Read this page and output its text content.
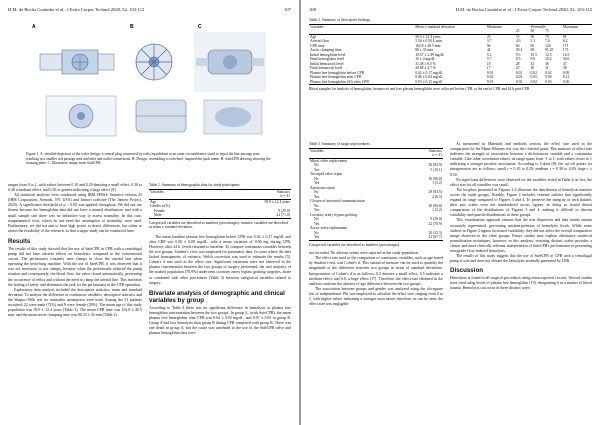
H.M. da Rocha Coutinho et al.: J Extra Corpor Technol 2020, 52, 103-112	107
A	B	C
Figure 1. A: detailed depiction of the valve design; a central plug connected by rods (equidistant to an outer circumference sized to equal the line passage area, resulting in a smaller rod passage area and inlet and outlet connections. B: Design, resembling a cartwheel, inspired the puck name. B: SafeCPB drawing showing the housing plate. C: Illustrative image from SafeCPB.

ranges from 0 to 1, with values between 0.10 and 0.29 denoting a small effect, 0.30 to 0.49 a medium effect, and 0.50 or greater indicating a large effect [8].

All statistical analyses were conducted using IBM SPSS® Statistics version 25 (IBM Corporation, Armonk, NY, USA) and Jamovi software (The Jamovi Project, 2023). A significance threshold of p < 0.05 was applied throughout. We did not use fitness because the hemoglobin data did not have a normal distribution; and with a small sample size there was no definitive way to assess normality. In this case, nonparametric tests, which do not need the assumption of normality, were used. Furthermore, we did not aim to have high power to detect differences, but rather to assess the feasibility of the research, so that a larger study can be conducted later.

Results

The results of this study showed that the use of SafeCPB in CPB with a centrifugal pump did not have adverse effects on hemolysis, compared to the conventional circuit. The perfusionist routinely uses clamps to close the arterial line when operating the heart-lung machine. With the use of SafeCPB, it was observed that it was not necessary to use clamps, because when the perfusionist reduced the pump rotation and consequently, the blood flow, the valve closed automatically, preventing the occurrence of reflux and without the need to clamp the arterial line. This increases the feeling of safety and eliminates the task for the perfusionist in the CPB operation.

Exploratory data analysis included the descriptive statistics: mean and standard deviation. To analyze the difference in continuous variables, descriptive statistics and the Shapiro-Wilk test for normality assumption were used. Among the 31 patients recruited, 22 were male (71%) and 9 were female (29%). The mean age of this study population was 59.9 ± 12.4 years (Table 1). The mean CPB time was 102.8 ± 40.5 min, and the mean aortic clamping time was 80.33 ± 33 min (Table 2).

Table 1. Summary of demographic data for study participants.
Variables	Statistics
	n = 31
Age	59.9 ± 12.4 years
Gender n (%)	
Female	9 (29.0)
Male	22 (71.0)

Categorical variables are described as numbers (percentages); numeric variables are described as mean ± standard deviation.

The mean baseline plasma free hemoglobin before CPB was 0.02 ± 0.17 mg/dL and after CBP was 0.06 ± 0.08 mg/dL, with a mean variation of 0.06 mg during CPB. However, after 24 h, levels returned to baseline. To compare continuous variables between the two groups, Student's t-test was employed for parametric data. In cases where the data lacked homogeneity of variance, Welch correction was used to estimate the results [5]. Cohen's d was used as the effect size. Significant variations were not observed in the plasma concentration between the two groups of surgery performed, the vast majority of the studied population (70.9%) underwent coronary artery bypass grafting surgeries, alone or combined with other procedures (Table 3) between categorical variables related to surgery.

Bivariate analysis of demographic and clinical variables by group

According to Table 4 there was no significant difference in hemolysis or plasma free hemoglobin concentration between the two groups. In group A, (with SafeCPB), the mean plasma free hemoglobin after CPB was 0.04 ± 0.02 mg/dL, and 0.07 ± 0.05 in group B. Group A had less hemolysis than group B during CPB compared with group B. There was one death in group A, but the cause was unrelated to the use of the SafeCPB valve and plasma hemoglobin data were

108	H.M. da Rocha Coutinho et al.: J Extra Corpor Technol 2020, 52, 103-112
Table 2. Summary of descriptive findings.
Variables	Mean ± standard deviation	Minimum	Percentile			Maximum
			25	50	75	
Age	59.9 ± 12.4 years	23	55	58	70	81
Arterial flow	5.56 ± 0.50 L/min	3.7	4.9	5.1	7.8	6.2
CPB time	102.8 ± 40.5 min	56	66	96	120	171
Aortic clamping time	80 ± 33 min	42	59.2	69	91.25	171
Initial hemoglobin level	10.57 ± 2.49 mg/dL	5.2	9.3	10.5	12.5	16.3
Final hemoglobin level	10 ± 4 mg/dL	5.7	8.3	9.8	10.2	30.6
Initial hematocrit level	31.48 ± 6.5 %	19	28	32	36	47
Final hematocrit level	28.88 ± 4.7 %	17	25	30	31	38
Plasma free hemoglobin before CPB	0.02 ± 0.17 mg/dL	0.01	0.01	0.02	0.02	0.09
Plasma free hemoglobin after CPB	0.06 ± 0.04 mg/dL	0.02	0.03	0.05	0.09	0.21
Plasma free hemoglobin 24 h after CPB	0.03 ± 0.15 mg/dL	0.01	0.02	0.02	0.03	0.06

Blood samples for analysis of hemoglobin, hematocrit and free plasma hemoglobin were collected before CPB, at the end of CPB and 24 h post-CPB.

Table 3. Summary of surgical procedures.
Variables	Statistics
	n = 31
Mitral valve replacement	
No	26 (83.9)
Yes	5 (16.1)
Tricuspid valve repair	
No	30 (96.8)
Yes	1 (3.2)
Aneurysm repair	
No	29 (93.5)
Yes	2 (6.5)
Closure of interatrial communication	
No	30 (96.8)
Yes	1 (3.2)
Coronary artery bypass grafting	
No	9 (29.0)
Yes	22 (70.9)
Aortic valve replacement	
No	10 (32.3)
Yes	21 (67.7)

Categorical variables are described as numbers (percentages).

not recorded. No adverse events were reported in the study population.

The effect size used in the comparison of continuous variables, such as age tested by Student t-test, was Cohen's d. This statistical measure can be used to quantify the magnitude of the difference between two groups in terms of standard deviations. Interpretation of Cohen's d is as follows: 0.2 denotes a small effect, 0.5 indicates a medium effect, and 0.8, a large effect [17]. Therefore, the effect size obtained in the analysis confirms the absence of age difference between the two groups.

The association between groups and gender was analyzed using the chi-square test of independence. Phi was employed to calculate the effect size, ranging from 0 to 1, with higher values indicating a stronger association; therefore, as can be seen, the effect size was negligible.

As mentioned in Materials and methods section, the effect size used in the comparisons by the Mann-Whitney test was the r biserial point. This measure of effect size indicates the strength of association between a dichotomous variable and a continuous variable. Like other correlation values, its range spans from -1 to 1, with values closer to 1 indicating a stronger positive association. According to Cohen [8], the cut-off points for interpretation are as follows: small r = 0.10 to 0.29; medium r = 0.30 to 0.49; large r ≥ 0.50.

No significant differences were observed for the variables tested in Table 4; in fact, the effect size for all variables was small.

The boxplots presented in Figures 2-4 illustrate the distribution of hemolysis markers across the study groups. Notably, Figure 2 includes extreme outliers that significantly expand its range compared to Figures 3 and 4. To preserve the integrity of each dataset, their axis scales were not standardized across figures, as doing so would distort comparisons of the distributions of Figures 3 and 4, making it difficult to discern variability and quartile distributions in these groups.

This visualization approach ensures that the true dispersion and data trends remain accurately represented, preventing misinterpretation of hemolysis levels. While some outliers in Figure 2 appear increased variability, they did not affect the overall comparative image observed in the other groups. Future studies may explore alternative statistical normalization techniques; however, in this analysis, retaining distinct scales provides a clearer and more clinically relevant interpretation of SafeCPB's performance in preventing retrograde-flow-induced hemolysis.

The results of this study suggest that the use of SafeCPB in CPB with a centrifugal pump is safe and does not elevate the hemolysis normally generated by CPB.

Discussion

Hemolysis is found in all surgical procedures using extracorporeal circuits. Several studies have cited using levels of plasma free hemoglobin [19], designating it as a marker of blood trauma. Hemolysis can occur in three distinct ways:
